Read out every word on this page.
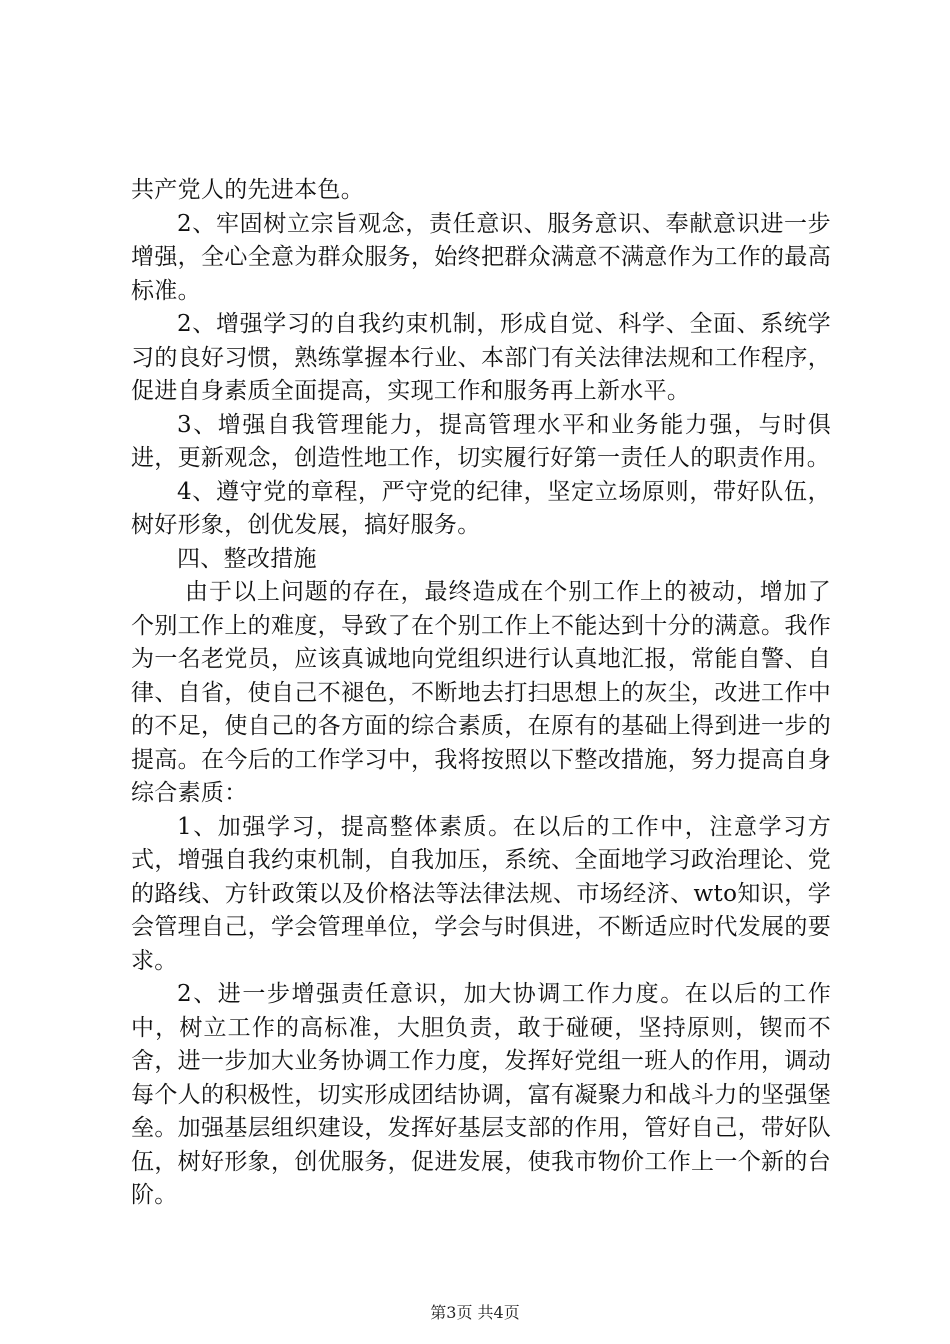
共产党人的先进本色。

2、牢固树立宗旨观念，责任意识、服务意识、奉献意识进一步增强，全心全意为群众服务，始终把群众满意不满意作为工作的最高标准。

2、增强学习的自我约束机制，形成自觉、科学、全面、系统学习的良好习惯，熟练掌握本行业、本部门有关法律法规和工作程序，促进自身素质全面提高，实现工作和服务再上新水平。

3、增强自我管理能力，提高管理水平和业务能力强，与时俱进，更新观念，创造性地工作，切实履行好第一责任人的职责作用。

4、遵守党的章程，严守党的纪律，坚定立场原则，带好队伍，树好形象，创优发展，搞好服务。

四、整改措施

由于以上问题的存在，最终造成在个别工作上的被动，增加了个别工作上的难度，导致了在个别工作上不能达到十分的满意。我作为一名老党员，应该真诚地向党组织进行认真地汇报，常能自警、自律、自省，使自己不褪色，不断地去打扫思想上的灰尘，改进工作中的不足，使自己的各方面的综合素质，在原有的基础上得到进一步的提高。在今后的工作学习中，我将按照以下整改措施，努力提高自身综合素质：

1、加强学习，提高整体素质。在以后的工作中，注意学习方式，增强自我约束机制，自我加压，系统、全面地学习政治理论、党的路线、方针政策以及价格法等法律法规、市场经济、wto知识，学会管理自己，学会管理单位，学会与时俱进，不断适应时代发展的要求。

2、进一步增强责任意识，加大协调工作力度。在以后的工作中，树立工作的高标准，大胆负责，敢于碰硬，坚持原则，锲而不舍，进一步加大业务协调工作力度，发挥好党组一班人的作用，调动每个人的积极性，切实形成团结协调，富有凝聚力和战斗力的坚强堡垒。加强基层组织建设，发挥好基层支部的作用，管好自己，带好队伍，树好形象，创优服务，促进发展，使我市物价工作上一个新的台阶。

第3页 共4页
